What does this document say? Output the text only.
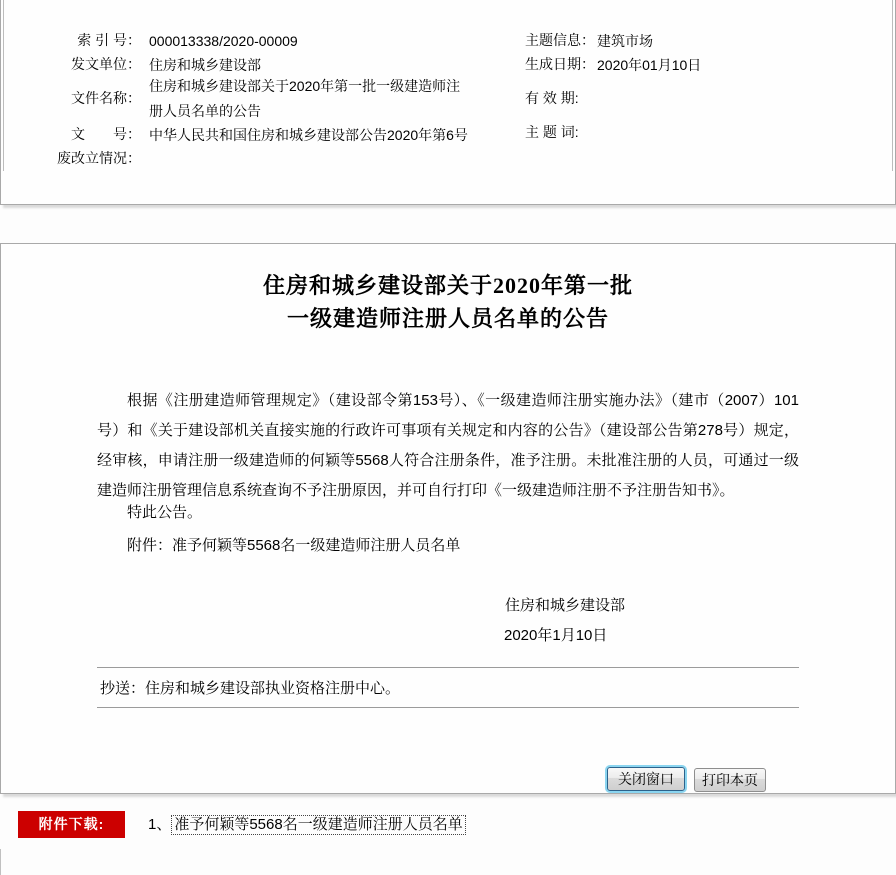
索 引 号： 000013338/2020-00009
发文单位： 住房和城乡建设部
文件名称：
住房和城乡建设部关于2020年第一批一级建造师注册人员名单的公告
文　　号： 中华人民共和国住房和城乡建设部公告2020年第6号
废改立情况：
主题信息： 建筑市场
生成日期： 2020年01月10日
有 效 期:
主 题 词:
住房和城乡建设部关于2020年第一批
一级建造师注册人员名单的公告
根据《注册建造师管理规定》（建设部令第153号）、《一级建造师注册实施办法》（建市（2007）101号）和《关于建设部机关直接实施的行政许可事项有关规定和内容的公告》（建设部公告第278号）规定，经审核，申请注册一级建造师的何颖等5568人符合注册条件，准予注册。未批准注册的人员，可通过一级建造师注册管理信息系统查询不予注册原因，并可自行打印《一级建造师注册不予注册告知书》。
特此公告。
附件：准予何颖等5568名一级建造师注册人员名单
住房和城乡建设部
2020年1月10日
抄送：住房和城乡建设部执业资格注册中心。
关闭窗口	打印本页
附件下载:	1、 准予何颖等5568名一级建造师注册人员名单
